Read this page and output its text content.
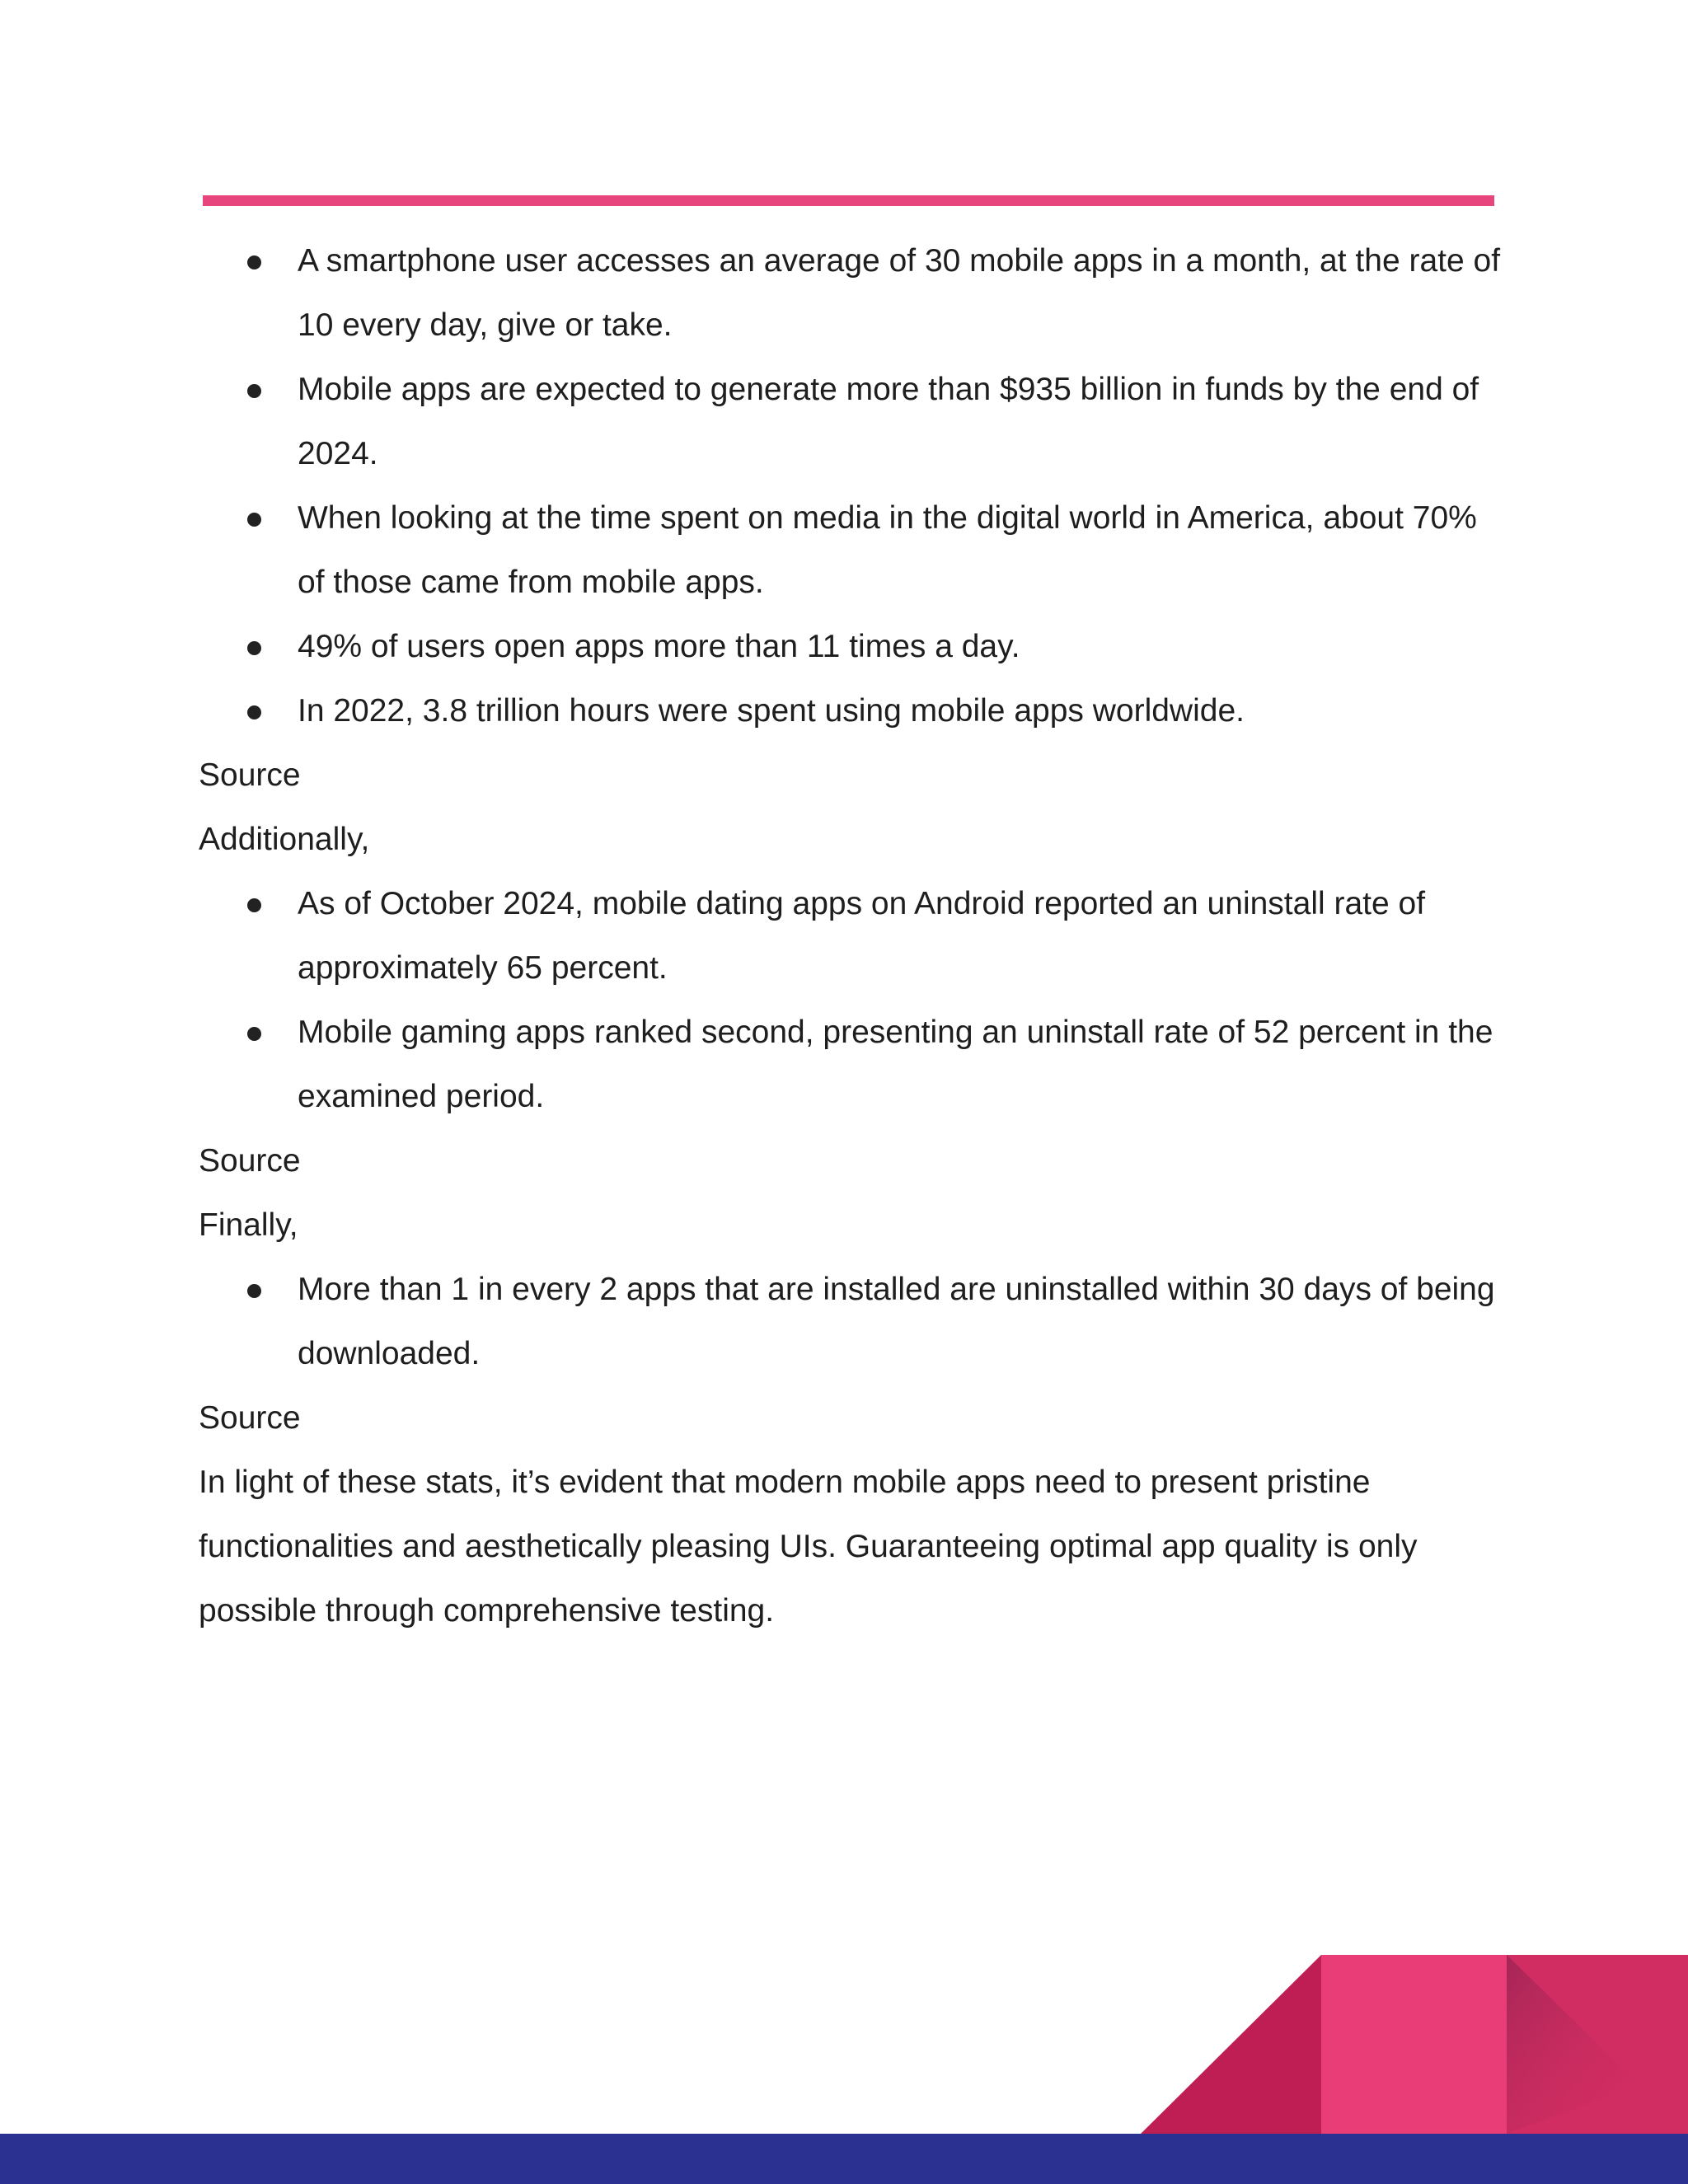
A smartphone user accesses an average of 30 mobile apps in a month, at the rate of 10 every day, give or take.
Mobile apps are expected to generate more than $935 billion in funds by the end of 2024.
When looking at the time spent on media in the digital world in America, about 70% of those came from mobile apps.
49% of users open apps more than 11 times a day.
In 2022, 3.8 trillion hours were spent using mobile apps worldwide.

Source

Additionally,

As of October 2024, mobile dating apps on Android reported an uninstall rate of approximately 65 percent.
Mobile gaming apps ranked second, presenting an uninstall rate of 52 percent in the examined period.

Source

Finally,

More than 1 in every 2 apps that are installed are uninstalled within 30 days of being downloaded.

Source

In light of these stats, it’s evident that modern mobile apps need to present pristine functionalities and aesthetically pleasing UIs. Guaranteeing optimal app quality is only possible through comprehensive testing.
